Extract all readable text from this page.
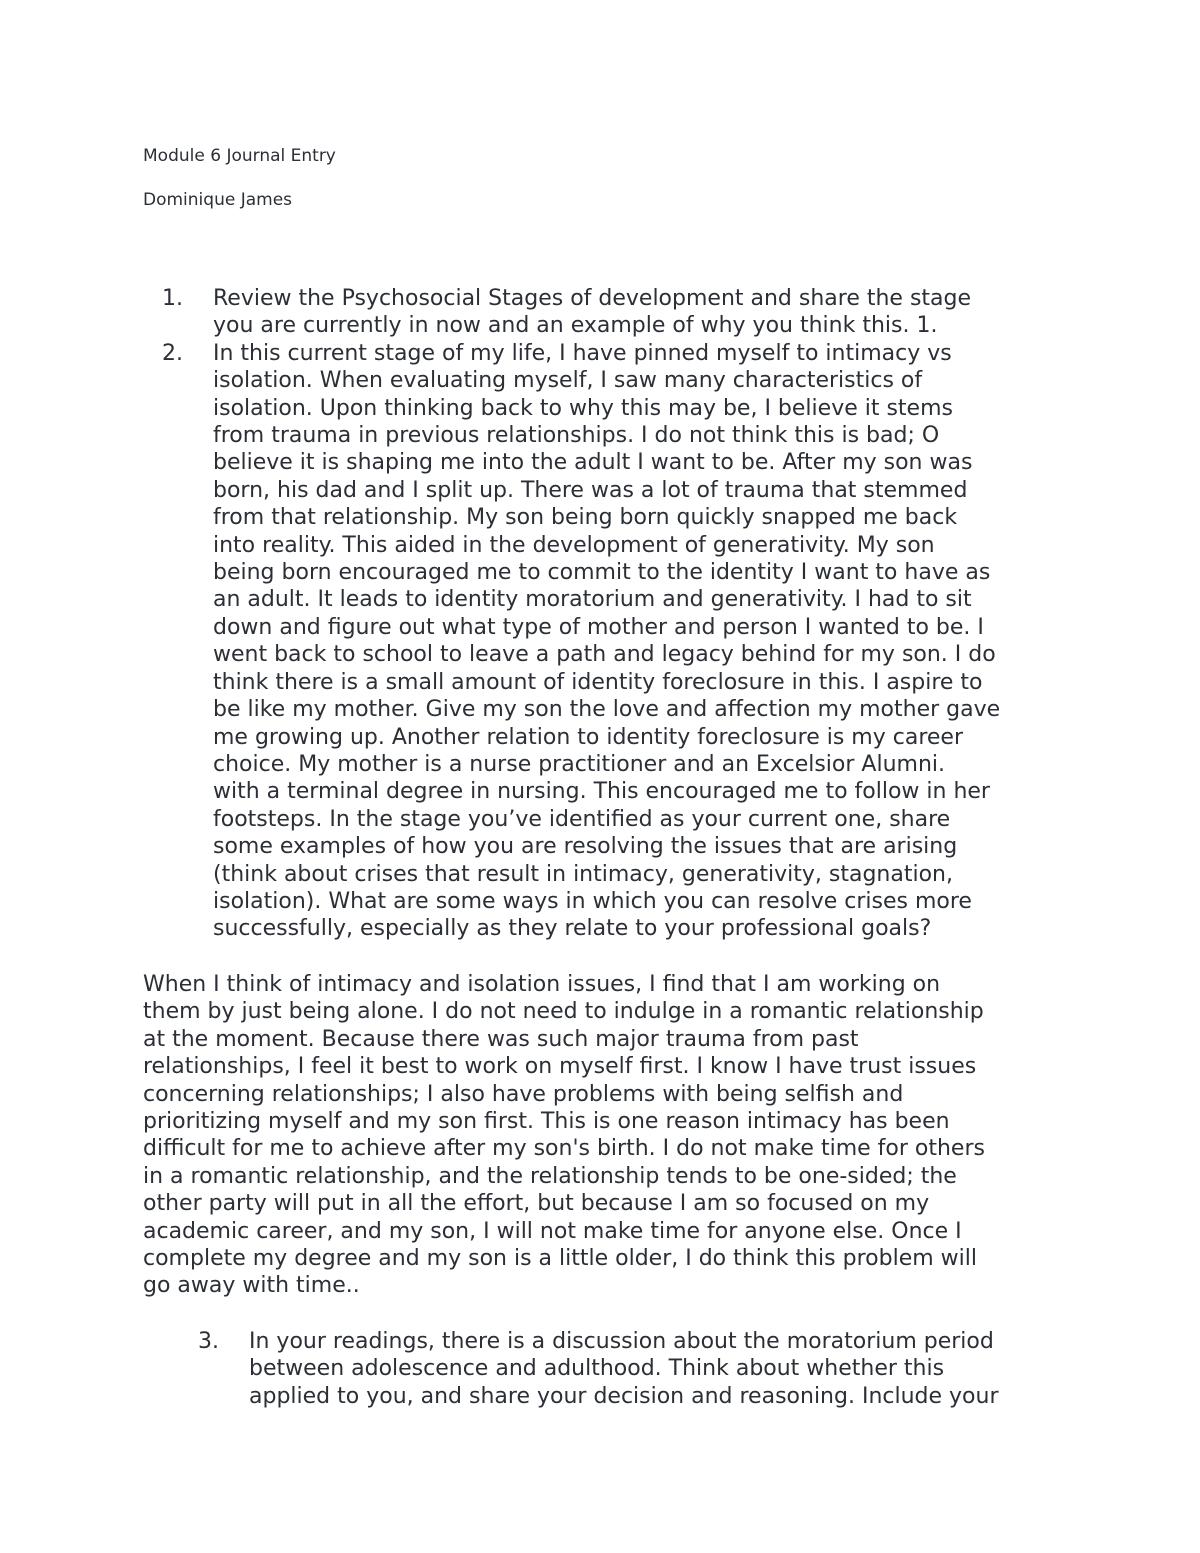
Module 6 Journal Entry
Dominique James
1. Review the Psychosocial Stages of development and share the stage
you are currently in now and an example of why you think this. 1.
2. In this current stage of my life, I have pinned myself to intimacy vs
isolation. When evaluating myself, I saw many characteristics of
isolation. Upon thinking back to why this may be, I believe it stems
from trauma in previous relationships. I do not think this is bad; O
believe it is shaping me into the adult I want to be. After my son was
born, his dad and I split up. There was a lot of trauma that stemmed
from that relationship. My son being born quickly snapped me back
into reality. This aided in the development of generativity. My son
being born encouraged me to commit to the identity I want to have as
an adult. It leads to identity moratorium and generativity. I had to sit
down and figure out what type of mother and person I wanted to be. I
went back to school to leave a path and legacy behind for my son. I do
think there is a small amount of identity foreclosure in this. I aspire to
be like my mother. Give my son the love and affection my mother gave
me growing up. Another relation to identity foreclosure is my career
choice. My mother is a nurse practitioner and an Excelsior Alumni.
with a terminal degree in nursing. This encouraged me to follow in her
footsteps. In the stage you’ve identified as your current one, share
some examples of how you are resolving the issues that are arising
(think about crises that result in intimacy, generativity, stagnation,
isolation). What are some ways in which you can resolve crises more
successfully, especially as they relate to your professional goals?
When I think of intimacy and isolation issues, I find that I am working on
them by just being alone. I do not need to indulge in a romantic relationship
at the moment. Because there was such major trauma from past
relationships, I feel it best to work on myself first. I know I have trust issues
concerning relationships; I also have problems with being selfish and
prioritizing myself and my son first. This is one reason intimacy has been
difficult for me to achieve after my son's birth. I do not make time for others
in a romantic relationship, and the relationship tends to be one-sided; the
other party will put in all the effort, but because I am so focused on my
academic career, and my son, I will not make time for anyone else. Once I
complete my degree and my son is a little older, I do think this problem will
go away with time..
3. In your readings, there is a discussion about the moratorium period
between adolescence and adulthood. Think about whether this
applied to you, and share your decision and reasoning. Include your
